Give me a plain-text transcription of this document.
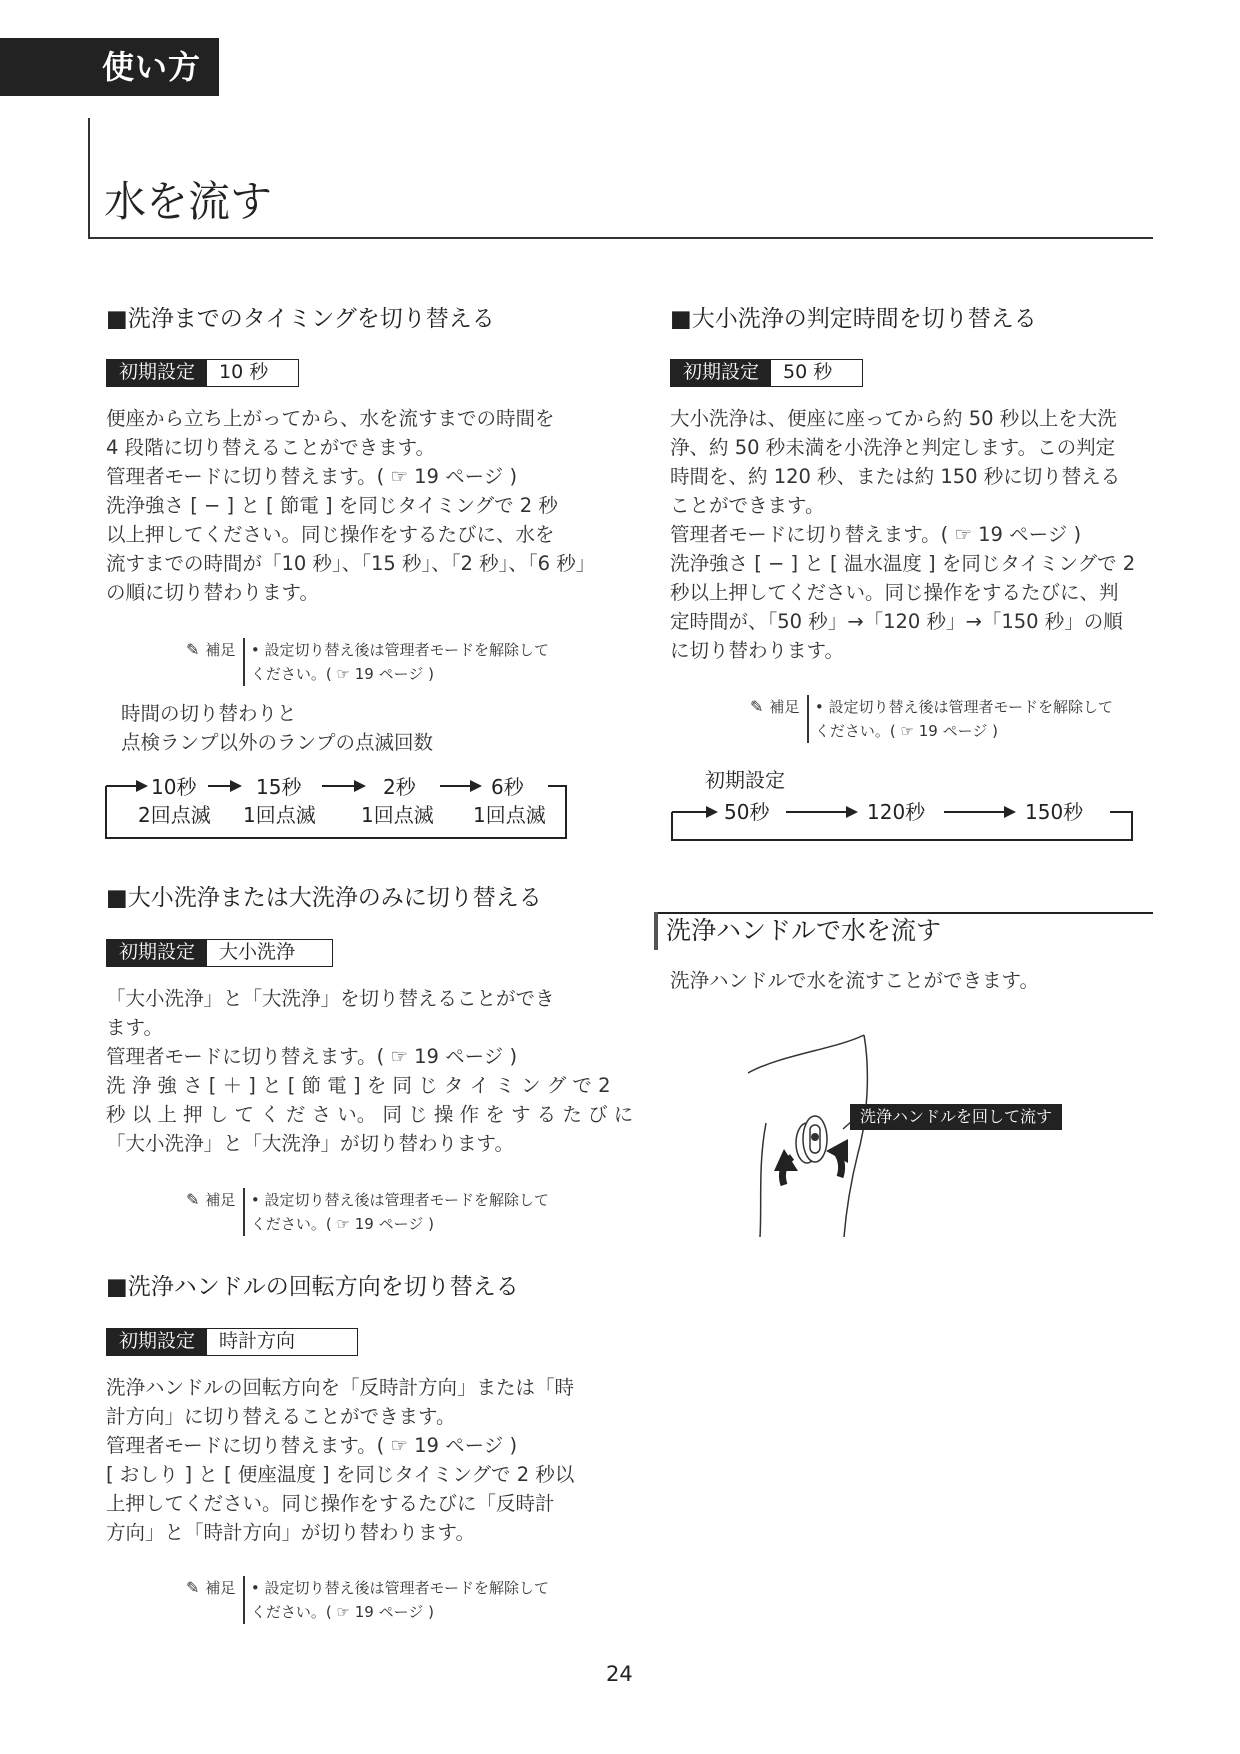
使い方
水を流す
■洗浄までのタイミングを切り替える
初期設定	10 秒
便座から立ち上がってから、水を流すまでの時間を
4 段階に切り替えることができます。
管理者モードに切り替えます。( ☞ 19 ページ )
洗浄強さ [ − ] と [ 節電 ] を同じタイミングで 2 秒
以上押してください。同じ操作をするたびに、水を
流すまでの時間が「10 秒」、「15 秒」、「2 秒」、「6 秒」
の順に切り替わります。
✎ 補足 • 設定切り替え後は管理者モードを解除して
ください。( ☞ 19 ページ )
時間の切り替わりと
点検ランプ以外のランプの点滅回数
10秒	15秒	2秒	6秒
2回点滅 1回点滅 1回点滅 1回点滅
■大小洗浄または大洗浄のみに切り替える
初期設定	大小洗浄
「大小洗浄」と「大洗浄」を切り替えることができ
ます。
管理者モードに切り替えます。( ☞ 19 ページ )
洗 浄 強 さ [ ＋ ] と [ 節 電 ] を 同 じ タ イ ミ ン グ で 2
秒 以 上 押 し て く だ さ い。 同 じ 操 作 を す る た び に
「大小洗浄」と「大洗浄」が切り替わります。
✎ 補足 • 設定切り替え後は管理者モードを解除して
ください。( ☞ 19 ページ )
■洗浄ハンドルの回転方向を切り替える
初期設定	時計方向
洗浄ハンドルの回転方向を「反時計方向」または「時
計方向」に切り替えることができます。
管理者モードに切り替えます。( ☞ 19 ページ )
[ おしり ] と [ 便座温度 ] を同じタイミングで 2 秒以
上押してください。同じ操作をするたびに「反時計
方向」と「時計方向」が切り替わります。
✎ 補足 • 設定切り替え後は管理者モードを解除して
ください。( ☞ 19 ページ )
■大小洗浄の判定時間を切り替える
初期設定	50 秒
大小洗浄は、便座に座ってから約 50 秒以上を大洗
浄、約 50 秒未満を小洗浄と判定します。この判定
時間を、約 120 秒、または約 150 秒に切り替える
ことができます。
管理者モードに切り替えます。( ☞ 19 ページ )
洗浄強さ [ − ] と [ 温水温度 ] を同じタイミングで 2
秒以上押してください。同じ操作をするたびに、判
定時間が、「50 秒」→「120 秒」→「150 秒」の順
に切り替わります。
✎ 補足 • 設定切り替え後は管理者モードを解除して
ください。( ☞ 19 ページ )
初期設定
50秒	120秒	150秒
洗浄ハンドルで水を流す
洗浄ハンドルで水を流すことができます。
洗浄ハンドルを回して流す
24
